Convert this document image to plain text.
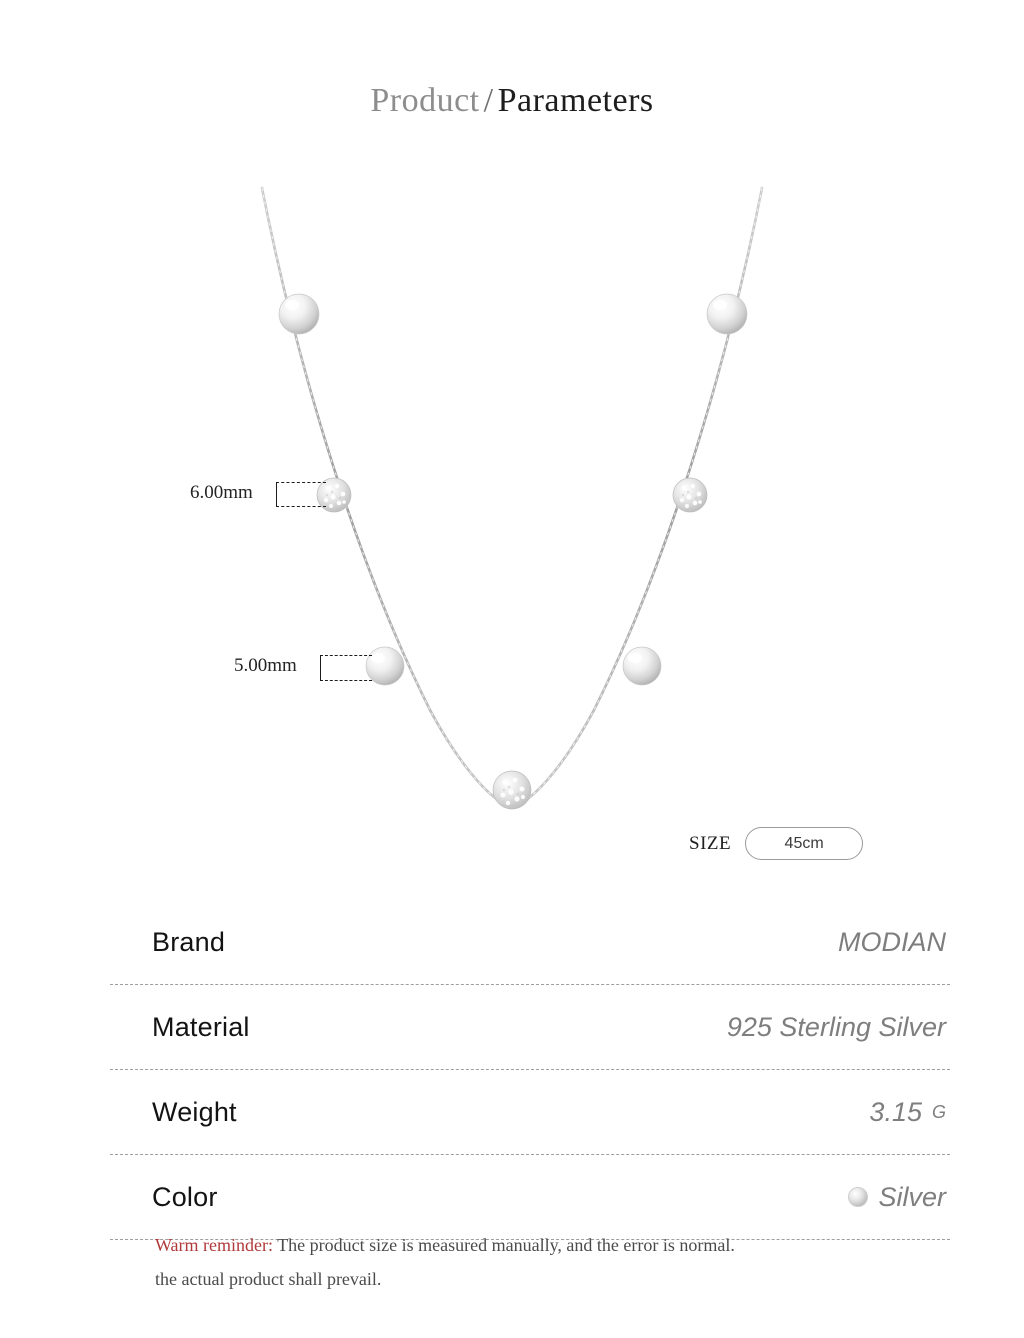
Product / Parameters
6.00mm
5.00mm
SIZE	45cm
Brand	MODIAN
Material	925 Sterling Silver
Weight	3.15 G
Color	Silver
Warm reminder: The product size is measured manually, and the error is normal.
the actual product shall prevail.
